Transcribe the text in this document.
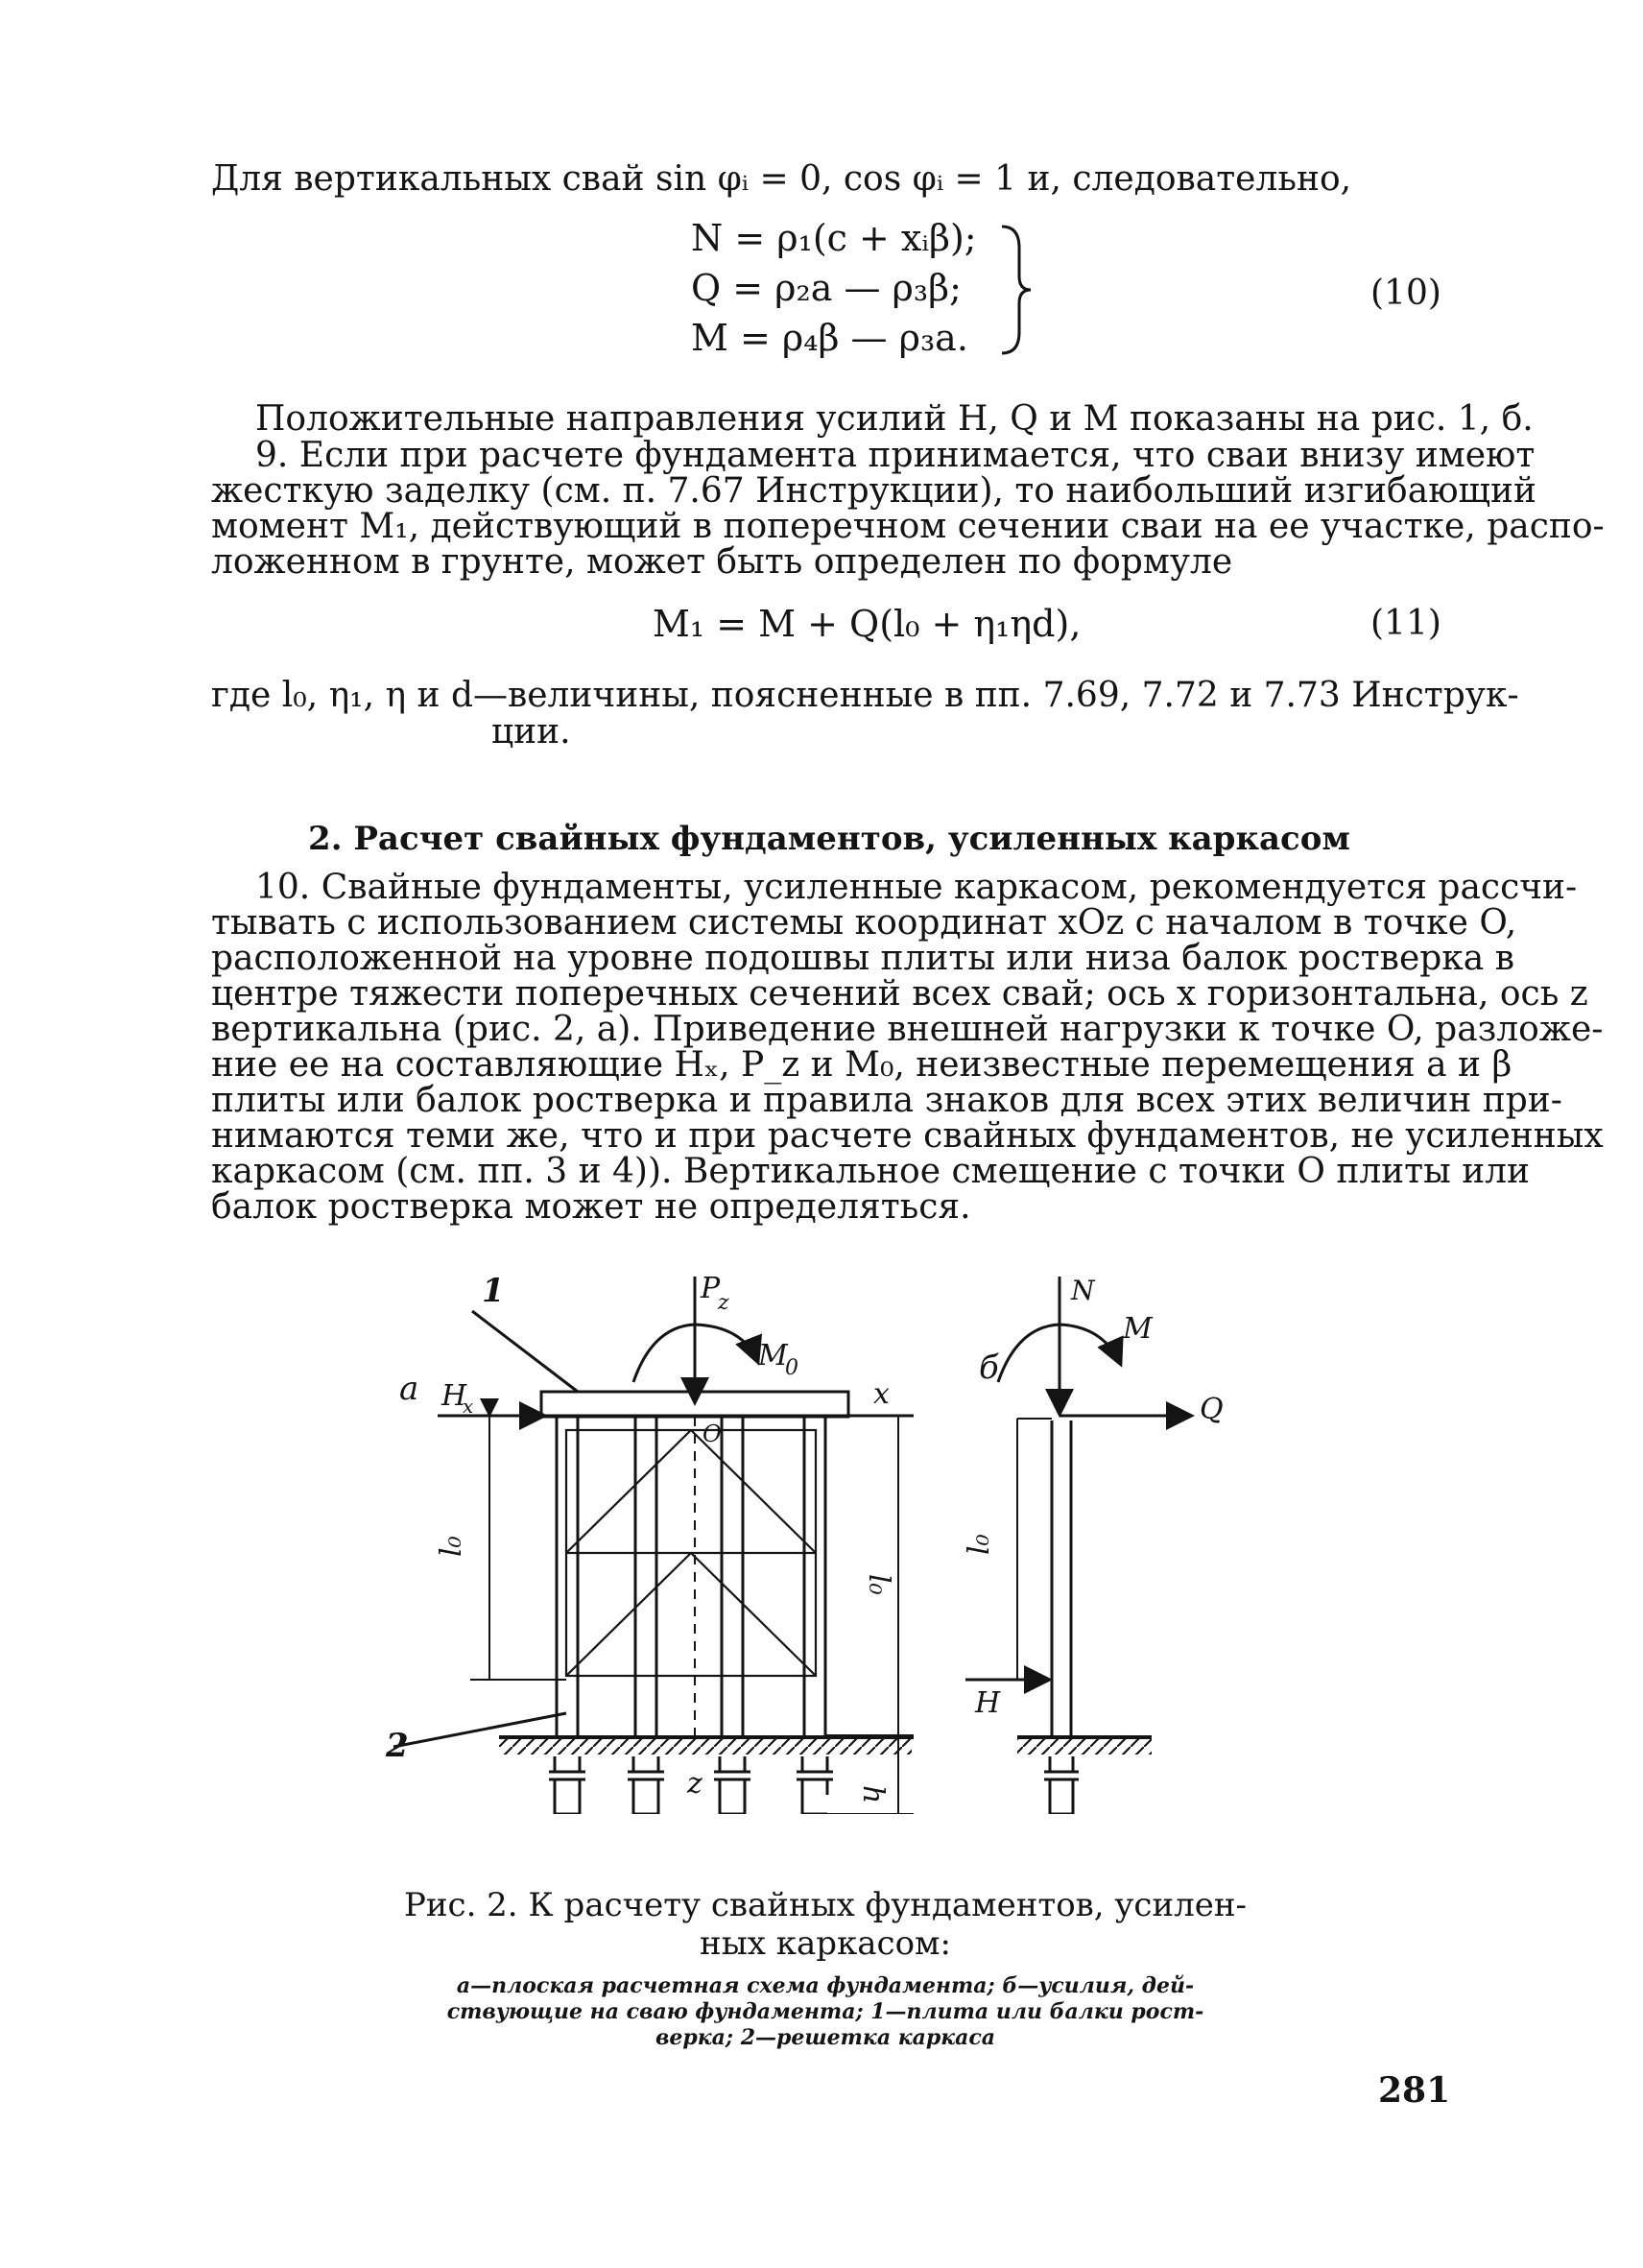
Для вертикальных свай sin φᵢ = 0, cos φᵢ = 1 и, следовательно,
N = ρ₁(c + xᵢβ);
Q = ρ₂a — ρ₃β;
M = ρ₄β — ρ₃a.
(10)
Положительные направления усилий H, Q и M показаны на рис. 1, б.
9. Если при расчете фундамента принимается, что сваи внизу имеют
жесткую заделку (см. п. 7.67 Инструкции), то наибольший изгибающий
момент M₁, действующий в поперечном сечении сваи на ее участке, распо-
ложенном в грунте, может быть определен по формуле
M₁ = M + Q(l₀ + η₁ηd),	(11)
где l₀, η₁, η и d—величины, поясненные в пп. 7.69, 7.72 и 7.73 Инструк-
ции.
2. Расчет свайных фундаментов, усиленных каркасом
10. Свайные фундаменты, усиленные каркасом, рекомендуется рассчи-
тывать с использованием системы координат xOz с началом в точке O,
расположенной на уровне подошвы плиты или низа балок ростверка в
центре тяжести поперечных сечений всех свай; ось x горизонтальна, ось z
вертикальна (рис. 2, а). Приведение внешней нагрузки к точке O, разложе-
ние ее на составляющие Hₓ, P_z и M₀, неизвестные перемещения a и β
плиты или балок ростверка и правила знаков для всех этих величин при-
нимаются теми же, что и при расчете свайных фундаментов, не усиленных
каркасом (см. пп. 3 и 4)). Вертикальное смещение c точки O плиты или
балок ростверка может не определяться.
а
1
2
P
z
M
0
H
x	x
O
l₀
l₀
h
z
б
N
M
Q
H
l₀
Рис. 2. К расчету свайных фундаментов, усилен-
ных каркасом:
а—плоская расчетная схема фундамента; б—усилия, дей-
ствующие на сваю фундамента; 1—плита или балки рост-
верка; 2—решетка каркаса
281
